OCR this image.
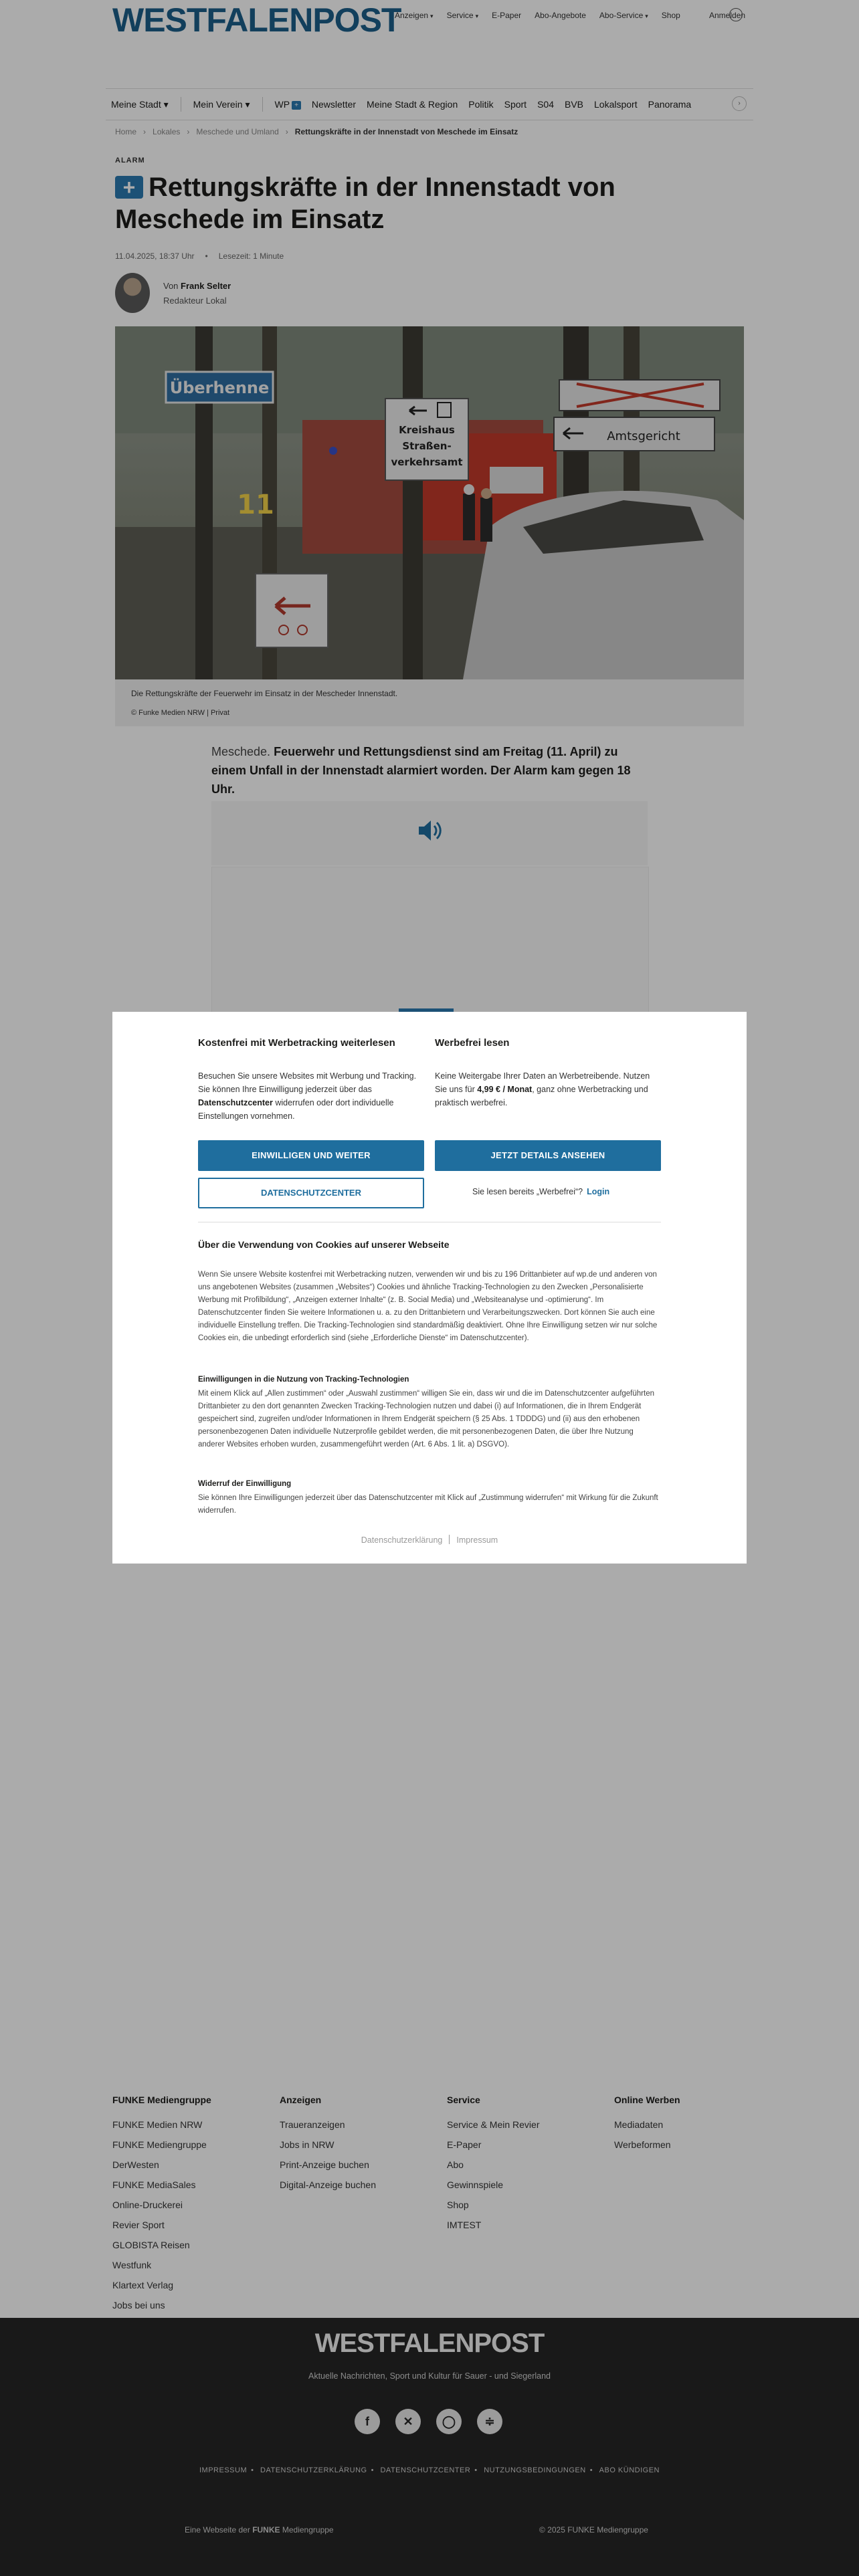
WESTFALENPOST
Anzeigen ▾ Service ▾ E-Paper Abo-Angebote Abo-Service ▾ Shop	Anmelden
Meine Stadt ▾	Mein Verein ▾	WP + Newsletter Meine Stadt & Region Politik Sport S04 BVB Lokalsport Panorama	›
Home › Lokales › Meschede und Umland › Rettungskräfte in der Innenstadt von Meschede im Einsatz
ALARM
+ Rettungskräfte in der Innenstadt von Meschede im Einsatz
11.04.2025, 18:37 Uhr • Lesezeit: 1 Minute
Von Frank Selter
Redakteur Lokal
Überhenne
Kreishaus
Straßen-
verkehrsamt
Amtsgericht
11
Die Rettungskräfte der Feuerwehr im Einsatz in der Mescheder Innenstadt.
© Funke Medien NRW | Privat
Meschede. Feuerwehr und Rettungsdienst sind am Freitag (11. April) zu einem Unfall in der Innenstadt alarmiert worden. Der Alarm kam gegen 18 Uhr.
FUNKE Mediengruppe
FUNKE Medien NRW
FUNKE Mediengruppe
DerWesten
FUNKE MediaSales
Online-Druckerei
Revier Sport
GLOBISTA Reisen
Westfunk
Klartext Verlag
Jobs bei uns
Anzeigen
Traueranzeigen
Jobs in NRW
Print-Anzeige buchen
Digital-Anzeige buchen
Service
Service & Mein Revier
E-Paper
Abo
Gewinnspiele
Shop
IMTEST
Online Werben
Mediadaten
Werbeformen
WESTFALENPOST
Aktuelle Nachrichten, Sport und Kultur für Sauer - und Siegerland
f	✕	◯	≑
IMPRESSUM • DATENSCHUTZERKLÄRUNG • DATENSCHUTZCENTER • NUTZUNGSBEDINGUNGEN • ABO KÜNDIGEN
Eine Webseite der FUNKE Mediengruppe	© 2025 FUNKE Mediengruppe
Kostenfrei mit Werbetracking weiterlesen
Besuchen Sie unsere Websites mit Werbung und Tracking. Sie können Ihre Einwilligung jederzeit über das Datenschutzcenter widerrufen oder dort individuelle Einstellungen vornehmen.
Werbefrei lesen
Keine Weitergabe Ihrer Daten an Werbetreibende. Nutzen Sie uns für 4,99 € / Monat, ganz ohne Werbetracking und praktisch werbefrei.
EINWILLIGEN UND WEITER	JETZT DETAILS ANSEHEN
DATENSCHUTZCENTER	Sie lesen bereits „Werbefrei“? Login
Über die Verwendung von Cookies auf unserer Webseite
Wenn Sie unsere Website kostenfrei mit Werbetracking nutzen, verwenden wir und bis zu 196 Drittanbieter auf wp.de und anderen von uns angebotenen Websites (zusammen „Websites“) Cookies und ähnliche Tracking-Technologien zu den Zwecken „Personalisierte Werbung mit Profilbildung“, „Anzeigen externer Inhalte“ (z. B. Social Media) und „Websiteanalyse und -optimierung“. Im Datenschutzcenter finden Sie weitere Informationen u. a. zu den Drittanbietern und Verarbeitungszwecken. Dort können Sie auch eine individuelle Einstellung treffen. Die Tracking-Technologien sind standardmäßig deaktiviert. Ohne Ihre Einwilligung setzen wir nur solche Cookies ein, die unbedingt erforderlich sind (siehe „Erforderliche Dienste“ im Datenschutzcenter).
Einwilligungen in die Nutzung von Tracking-Technologien
Mit einem Klick auf „Allen zustimmen“ oder „Auswahl zustimmen“ willigen Sie ein, dass wir und die im Datenschutzcenter aufgeführten Drittanbieter zu den dort genannten Zwecken Tracking-Technologien nutzen und dabei (i) auf Informationen, die in Ihrem Endgerät gespeichert sind, zugreifen und/oder Informationen in Ihrem Endgerät speichern (§ 25 Abs. 1 TDDDG) und (ii) aus den erhobenen personenbezogenen Daten individuelle Nutzerprofile gebildet werden, die mit personenbezogenen Daten, die über Ihre Nutzung anderer Websites erhoben wurden, zusammengeführt werden (Art. 6 Abs. 1 lit. a) DSGVO).
Widerruf der Einwilligung
Sie können Ihre Einwilligungen jederzeit über das Datenschutzcenter mit Klick auf „Zustimmung widerrufen“ mit Wirkung für die Zukunft widerrufen.
Datenschutzerklärung Impressum
